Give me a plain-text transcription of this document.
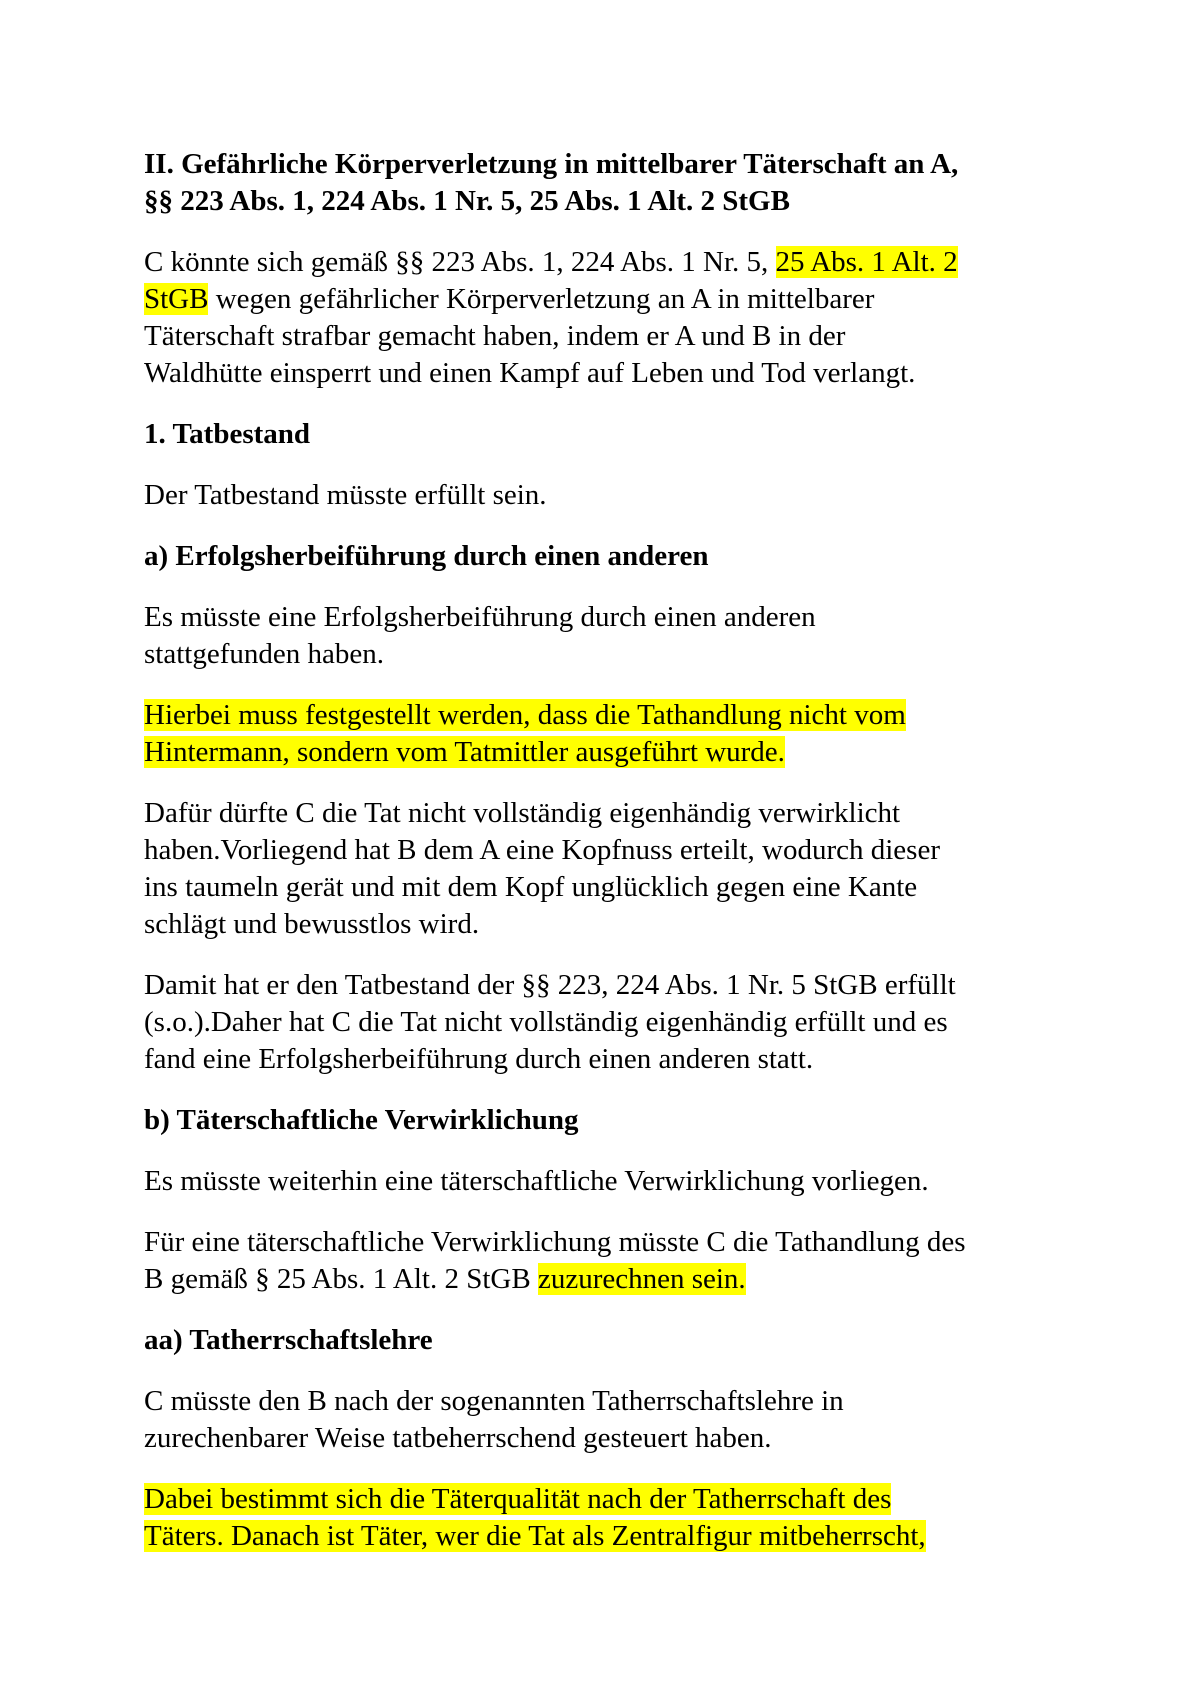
II. Gefährliche Körperverletzung in mittelbarer Täterschaft an A,
§§ 223 Abs. 1, 224 Abs. 1 Nr. 5, 25 Abs. 1 Alt. 2 StGB
C könnte sich gemäß §§ 223 Abs. 1, 224 Abs. 1 Nr. 5, 25 Abs. 1 Alt. 2
StGB wegen gefährlicher Körperverletzung an A in mittelbarer
Täterschaft strafbar gemacht haben, indem er A und B in der
Waldhütte einsperrt und einen Kampf auf Leben und Tod verlangt.
1. Tatbestand
Der Tatbestand müsste erfüllt sein.
a) Erfolgsherbeiführung durch einen anderen
Es müsste eine Erfolgsherbeiführung durch einen anderen
stattgefunden haben.
Hierbei muss festgestellt werden, dass die Tathandlung nicht vom
Hintermann, sondern vom Tatmittler ausgeführt wurde.
Dafür dürfte C die Tat nicht vollständig eigenhändig verwirklicht
haben.Vorliegend hat B dem A eine Kopfnuss erteilt, wodurch dieser
ins taumeln gerät und mit dem Kopf unglücklich gegen eine Kante
schlägt und bewusstlos wird.
Damit hat er den Tatbestand der §§ 223, 224 Abs. 1 Nr. 5 StGB erfüllt
(s.o.).Daher hat C die Tat nicht vollständig eigenhändig erfüllt und es
fand eine Erfolgsherbeiführung durch einen anderen statt.
b) Täterschaftliche Verwirklichung
Es müsste weiterhin eine täterschaftliche Verwirklichung vorliegen.
Für eine täterschaftliche Verwirklichung müsste C die Tathandlung des
B gemäß § 25 Abs. 1 Alt. 2 StGB zuzurechnen sein.
aa) Tatherrschaftslehre
C müsste den B nach der sogenannten Tatherrschaftslehre in
zurechenbarer Weise tatbeherrschend gesteuert haben.
Dabei bestimmt sich die Täterqualität nach der Tatherrschaft des
Täters. Danach ist Täter, wer die Tat als Zentralfigur mitbeherrscht,
